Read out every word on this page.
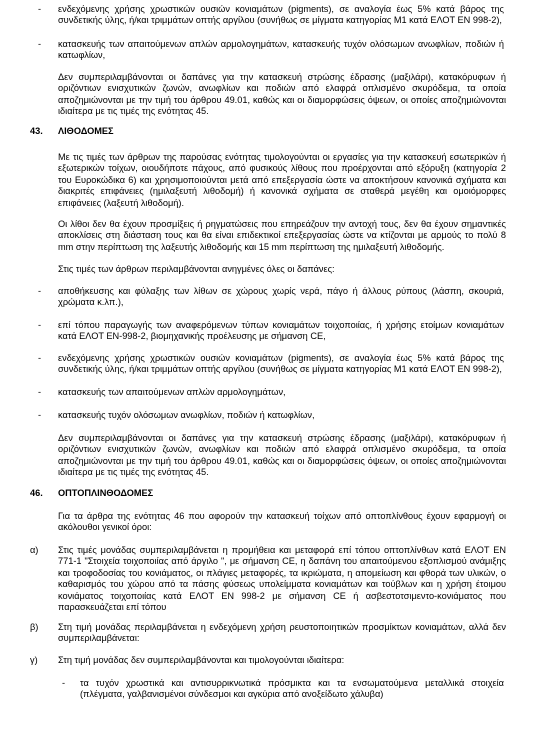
-	ενδεχόμενης χρήσης χρωστικών ουσιών κονιαμάτων (pigments), σε αναλογία έως 5% κατά βάρος της συνδετικής ύλης, ή/και τριμμάτων οπτής αργίλου (συνήθως σε μίγματα κατηγορίας Μ1 κατά ΕΛΟΤ ΕΝ 998-2),

-	κατασκευής των απαιτούμενων απλών αρμολογημάτων, κατασκευής τυχόν ολόσωμων ανωφλίων, ποδιών ή κατωφλίων,

Δεν συμπεριλαμβάνονται οι δαπάνες για την κατασκευή στρώσης έδρασης (μαξιλάρι), κατακόρυφων ή οριζόντιων ενισχυτικών ζωνών, ανωφλίων και ποδιών από ελαφρά οπλισμένο σκυρόδεμα, τα οποία αποζημιώνονται με την τιμή του άρθρου 49.01, καθώς και οι διαμορφώσεις όψεων, οι οποίες αποζημιώνονται ιδιαίτερα με τις τιμές της ενότητας 45.

43. ΛΙΘΟΔΟΜΕΣ

Με τις τιμές των άρθρων της παρούσας ενότητας τιμολογούνται οι εργασίες για την κατασκευή εσωτερικών ή εξωτερικών τοίχων, οιουδήποτε πάχους, από φυσικούς λίθους που προέρχονται από εξόρυξη (κατηγορία 2 του Ευροκώδικα 6) και χρησιμοποιούνται μετά από επεξεργασία ώστε να αποκτήσουν κανονικά σχήματα και διακριτές επιφάνειες (ημιλαξευτή λιθοδομή) ή κανονικά σχήματα σε σταθερά μεγέθη και ομοιόμορφες επιφάνειες (λαξευτή λιθοδομή).

Οι λίθοι δεν θα έχουν προσμίξεις ή ρηγματώσεις που επηρεάζουν την αντοχή τους, δεν θα έχουν σημαντικές αποκλίσεις στη διάσταση τους και θα είναι επιδεκτικοί επεξεργασίας ώστε να κτίζονται με αρμούς το πολύ 8 mm στην περίπτωση της λαξευτής λιθοδομής και 15 mm περίπτωση της ημιλαξευτή λιθοδομής.

Στις τιμές των άρθρων περιλαμβάνονται ανηγμένες όλες οι δαπάνες:

-	αποθήκευσης και φύλαξης των λίθων σε χώρους χωρίς νερά, πάγο ή άλλους ρύπους (λάσπη, σκουριά, χρώματα κ.λπ.),

-	επί τόπου παραγωγής των αναφερόμενων τύπων κονιαμάτων τοιχοποιίας, ή χρήσης ετοίμων κονιαμάτων κατά ΕΛΟΤ ΕΝ-998-2, βιομηχανικής προέλευσης με σήμανση CE,

-	ενδεχόμενης χρήσης χρωστικών ουσιών κονιαμάτων (pigments), σε αναλογία έως 5% κατά βάρος της συνδετικής ύλης, ή/και τριμμάτων οπτής αργίλου (συνήθως σε μίγματα κατηγορίας Μ1 κατά ΕΛΟΤ ΕΝ 998-2),

-	κατασκευής των απαιτούμενων απλών αρμολογημάτων,

-	κατασκευής τυχόν ολόσωμων ανωφλίων, ποδιών ή κατωφλίων,

Δεν συμπεριλαμβάνονται οι δαπάνες για την κατασκευή στρώσης έδρασης (μαξιλάρι), κατακόρυφων ή οριζόντιων ενισχυτικών ζωνών, ανωφλίων και ποδιών από ελαφρά οπλισμένο σκυρόδεμα, τα οποία αποζημιώνονται με την τιμή του άρθρου 49.01, καθώς και οι διαμορφώσεις όψεων, οι οποίες αποζημιώνονται ιδιαίτερα με τις τιμές της ενότητας 45.

46. ΟΠΤΟΠΛΙΝΘΟΔΟΜΕΣ

Για τα άρθρα της ενότητας 46 που αφορούν την κατασκευή τοίχων από οπτοπλίνθους έχουν εφαρμογή οι ακόλουθοι γενικοί όροι:

α)	Στις τιμές μονάδας συμπεριλαμβάνεται η προμήθεια και μεταφορά επί τόπου οπτοπλίνθων κατά ΕΛΟΤ ΕΝ 771-1 "Στοιχεία τοιχοποιίας από άργιλο ", με σήμανση CE, η δαπάνη του απαιτούμενου εξοπλισμού ανάμιξης και τροφοδοσίας του κονιάματος, οι πλάγιες μεταφορές, τα ικριώματα, η απομείωση και φθορά των υλικών, ο καθαρισμός του χώρου από τα πάσης φύσεως υπολείμματα κονιαμάτων και τούβλων και η χρήση έτοιμου κονιάματος τοιχοποιίας κατά ΕΛΟΤ ΕΝ 998-2 με σήμανση CE ή ασβεστοτσιμεντο-κονιάματος που παρασκευάζεται επί τόπου

β)	Στη τιμή μονάδας περιλαμβάνεται η ενδεχόμενη χρήση ρευστοποιητικών προσμίκτων κονιαμάτων, αλλά δεν συμπεριλαμβάνεται:

γ)	Στη τιμή μονάδας δεν συμπεριλαμβάνονται και τιμολογούνται ιδιαίτερα:

-	τα τυχόν χρωστικά και αντισυρρικνωτικά πρόσμικτα και τα ενσωματούμενα μεταλλικά στοιχεία (πλέγματα, γαλβανισμένοι σύνδεσμοι και αγκύρια από ανοξείδωτο χάλυβα)
